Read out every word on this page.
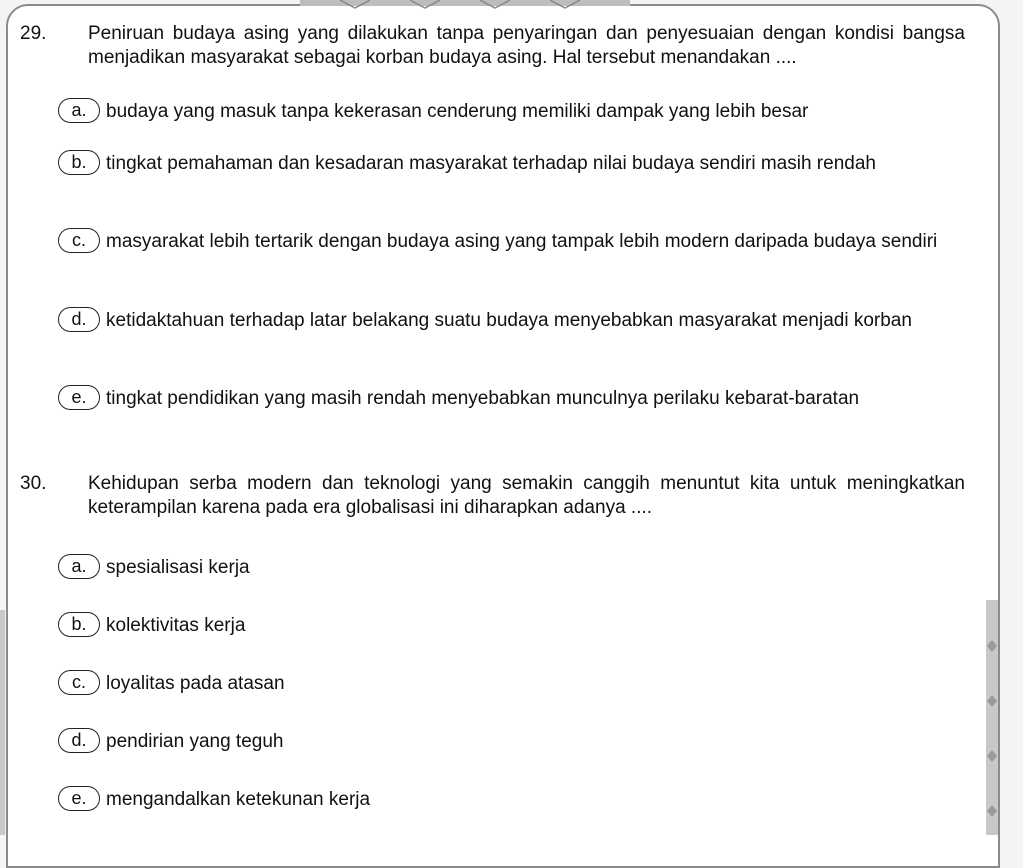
29. Peniruan budaya asing yang dilakukan tanpa penyaringan dan penyesuaian dengan kondisi bangsa menjadikan masyarakat sebagai korban budaya asing. Hal tersebut menandakan ....
a.	budaya yang masuk tanpa kekerasan cenderung memiliki dampak yang lebih besar
b.	tingkat pemahaman dan kesadaran masyarakat terhadap nilai budaya sendiri masih rendah
c.	masyarakat lebih tertarik dengan budaya asing yang tampak lebih modern daripada budaya sendiri
d.	ketidaktahuan terhadap latar belakang suatu budaya menyebabkan masyarakat menjadi korban
e.	tingkat pendidikan yang masih rendah menyebabkan munculnya perilaku kebarat-baratan
30. Kehidupan serba modern dan teknologi yang semakin canggih menuntut kita untuk meningkatkan keterampilan karena pada era globalisasi ini diharapkan adanya ....
a.	spesialisasi kerja
b.	kolektivitas kerja
c.	loyalitas pada atasan
d.	pendirian yang teguh
e.	mengandalkan ketekunan kerja
